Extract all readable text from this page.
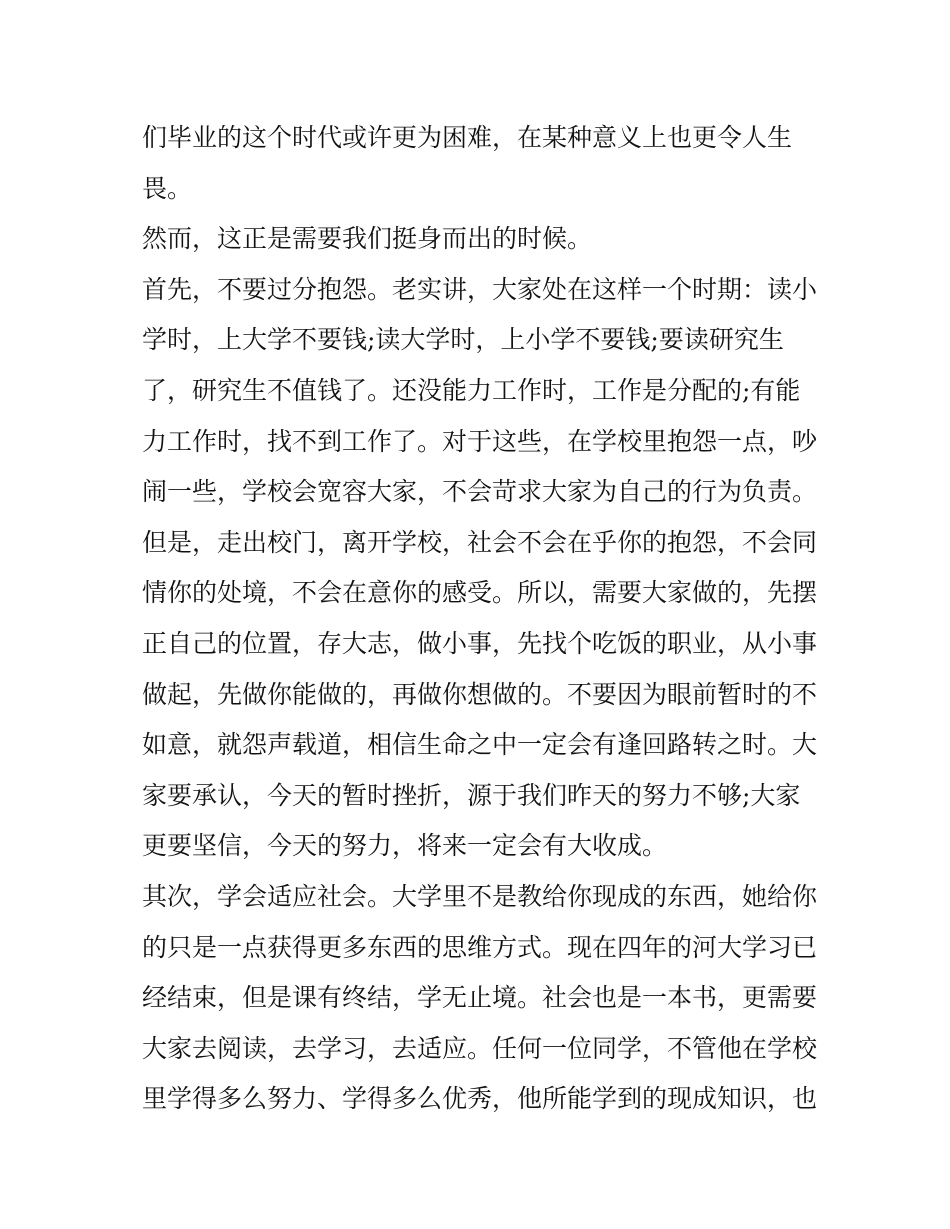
们毕业的这个时代或许更为困难，在某种意义上也更令人生
畏。
然而，这正是需要我们挺身而出的时候。
首先，不要过分抱怨。老实讲，大家处在这样一个时期：读小
学时，上大学不要钱;读大学时，上小学不要钱;要读研究生
了，研究生不值钱了。还没能力工作时，工作是分配的;有能
力工作时，找不到工作了。对于这些，在学校里抱怨一点，吵
闹一些，学校会宽容大家，不会苛求大家为自己的行为负责。
但是，走出校门，离开学校，社会不会在乎你的抱怨，不会同
情你的处境，不会在意你的感受。所以，需要大家做的，先摆
正自己的位置，存大志，做小事，先找个吃饭的职业，从小事
做起，先做你能做的，再做你想做的。不要因为眼前暂时的不
如意，就怨声载道，相信生命之中一定会有逢回路转之时。大
家要承认，今天的暂时挫折，源于我们昨天的努力不够;大家
更要坚信，今天的努力，将来一定会有大收成。
其次，学会适应社会。大学里不是教给你现成的东西，她给你
的只是一点获得更多东西的思维方式。现在四年的河大学习已
经结束，但是课有终结，学无止境。社会也是一本书，更需要
大家去阅读，去学习，去适应。任何一位同学，不管他在学校
里学得多么努力、学得多么优秀，他所能学到的现成知识，也
